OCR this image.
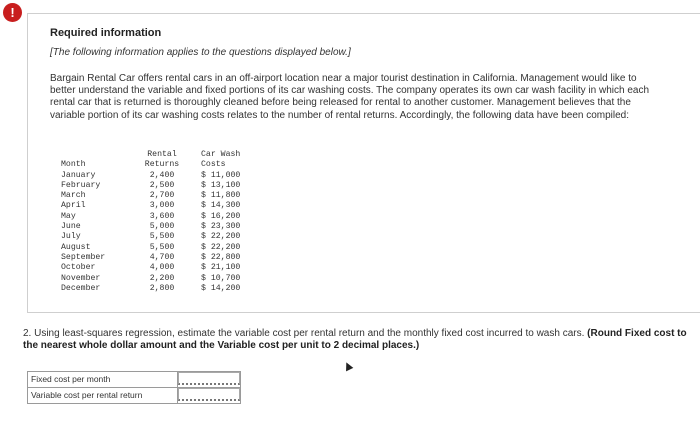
!
Required information
[The following information applies to the questions displayed below.]
Bargain Rental Car offers rental cars in an off-airport location near a major tourist destination in California. Management would like to better understand the variable and fixed portions of its car washing costs. The company operates its own car wash facility in which each rental car that is returned is thoroughly cleaned before being released for rental to another customer. Management believes that the variable portion of its car washing costs relates to the number of rental returns. Accordingly, the following data have been compiled:
	Rental	Car Wash
Month	Returns	Costs
January	2,400	$ 11,000
February	2,500	$ 13,100
March	2,700	$ 11,800
April	3,000	$ 14,300
May	3,600	$ 16,200
June	5,000	$ 23,300
July	5,500	$ 22,200
August	5,500	$ 22,200
September	4,700	$ 22,800
October	4,000	$ 21,100
November	2,200	$ 10,700
December	2,800	$ 14,200
2. Using least-squares regression, estimate the variable cost per rental return and the monthly fixed cost incurred to wash cars. (Round Fixed cost to the nearest whole dollar amount and the Variable cost per unit to 2 decimal places.)
Fixed cost per month
Variable cost per rental return
